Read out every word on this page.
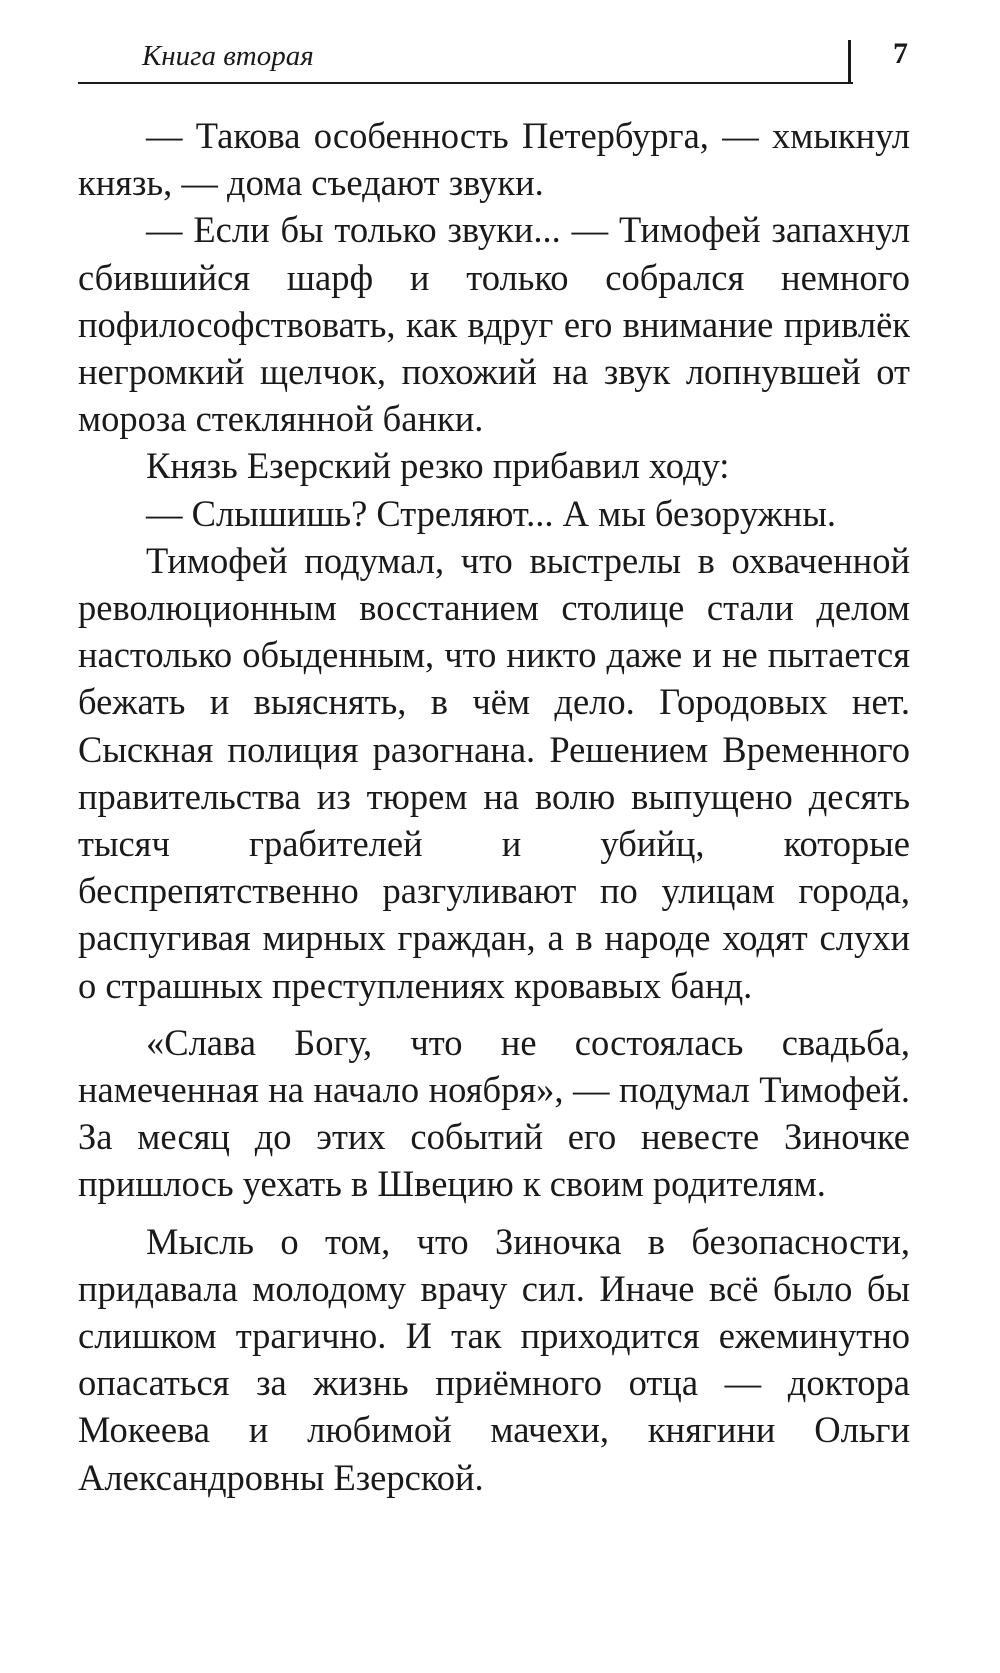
Книга вторая	7

— Такова особенность Петербурга, — хмыкнул князь, — дома съедают звуки.

— Если бы только звуки... — Тимофей запахнул сбившийся шарф и только собрался немного пофилософствовать, как вдруг его внимание привлёк негромкий щелчок, похожий на звук лопнувшей от мороза стеклянной банки.

Князь Езерский резко прибавил ходу:

— Слышишь? Стреляют... А мы безоружны.

Тимофей подумал, что выстрелы в охваченной революционным восстанием столице стали делом настолько обыденным, что никто даже и не пытается бежать и выяснять, в чём дело. Городовых нет. Сыскная полиция разогнана. Решением Временного правительства из тюрем на волю выпущено десять тысяч грабителей и убийц, которые беспрепятственно разгуливают по улицам города, распугивая мирных граждан, а в народе ходят слухи о страшных преступлениях кровавых банд.

«Слава Богу, что не состоялась свадьба, намеченная на начало ноября», — подумал Тимофей. За месяц до этих событий его невесте Зиночке пришлось уехать в Швецию к своим родителям.

Мысль о том, что Зиночка в безопасности, придавала молодому врачу сил. Иначе всё было бы слишком трагично. И так приходится ежеминутно опасаться за жизнь приёмного отца — доктора Мокеева и любимой мачехи, княгини Ольги Александровны Езерской.
